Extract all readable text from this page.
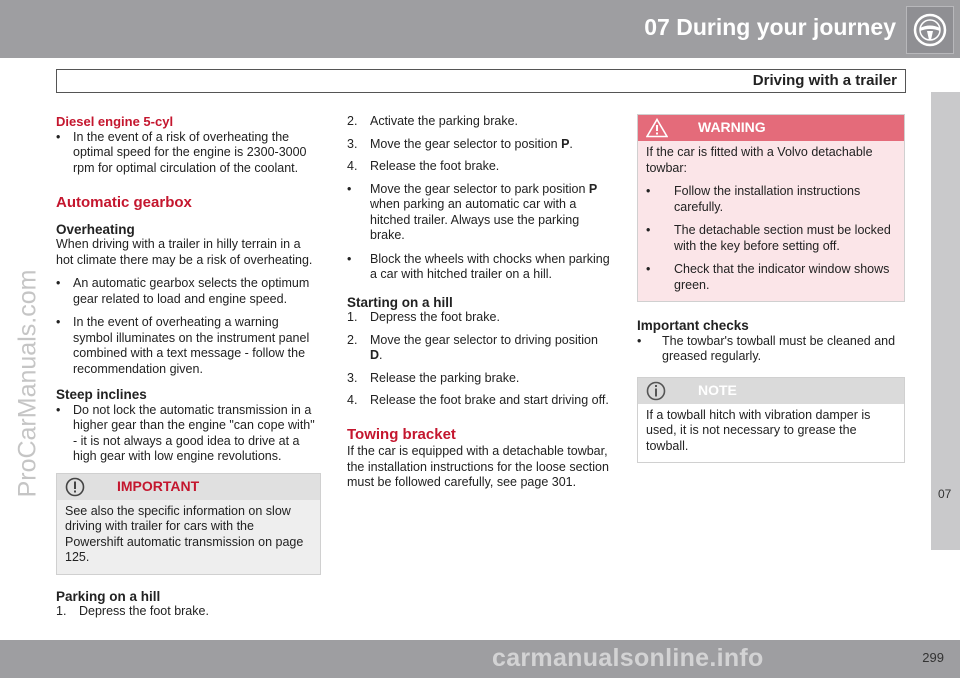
07 During your journey
Driving with a trailer
07
ProCarManuals.com
Diesel engine 5-cyl
• In the event of a risk of overheating the optimal speed for the engine is 2300-3000 rpm for optimal circulation of the coolant.
Automatic gearbox
Overheating

When driving with a trailer in hilly terrain in a hot climate there may be a risk of overheating.

• An automatic gearbox selects the optimum gear related to load and engine speed.
• In the event of overheating a warning symbol illuminates on the instrument panel combined with a text message - follow the recommendation given.
Steep inclines
• Do not lock the automatic transmission in a higher gear than the engine "can cope with" - it is not always a good idea to drive at a high gear with low engine revolutions.
IMPORTANT
See also the specific information on slow driving with trailer for cars with the Powershift automatic transmission on page 125.
Parking on a hill
1. Depress the foot brake.
2. Activate the parking brake.
3. Move the gear selector to position P.
4. Release the foot brake.
• Move the gear selector to park position P when parking an automatic car with a hitched trailer. Always use the parking brake.
• Block the wheels with chocks when parking a car with hitched trailer on a hill.
Starting on a hill
1. Depress the foot brake.
2. Move the gear selector to driving position D.
3. Release the parking brake.
4. Release the foot brake and start driving off.
Towing bracket

If the car is equipped with a detachable towbar, the installation instructions for the loose section must be followed carefully, see page 301.

WARNING

If the car is fitted with a Volvo detachable towbar:

• Follow the installation instructions carefully.
• The detachable section must be locked with the key before setting off.
• Check that the indicator window shows green.
Important checks
• The towbar's towball must be cleaned and greased regularly.
NOTE
If a towball hitch with vibration damper is used, it is not necessary to grease the towball.
carmanualsonline.info	299
